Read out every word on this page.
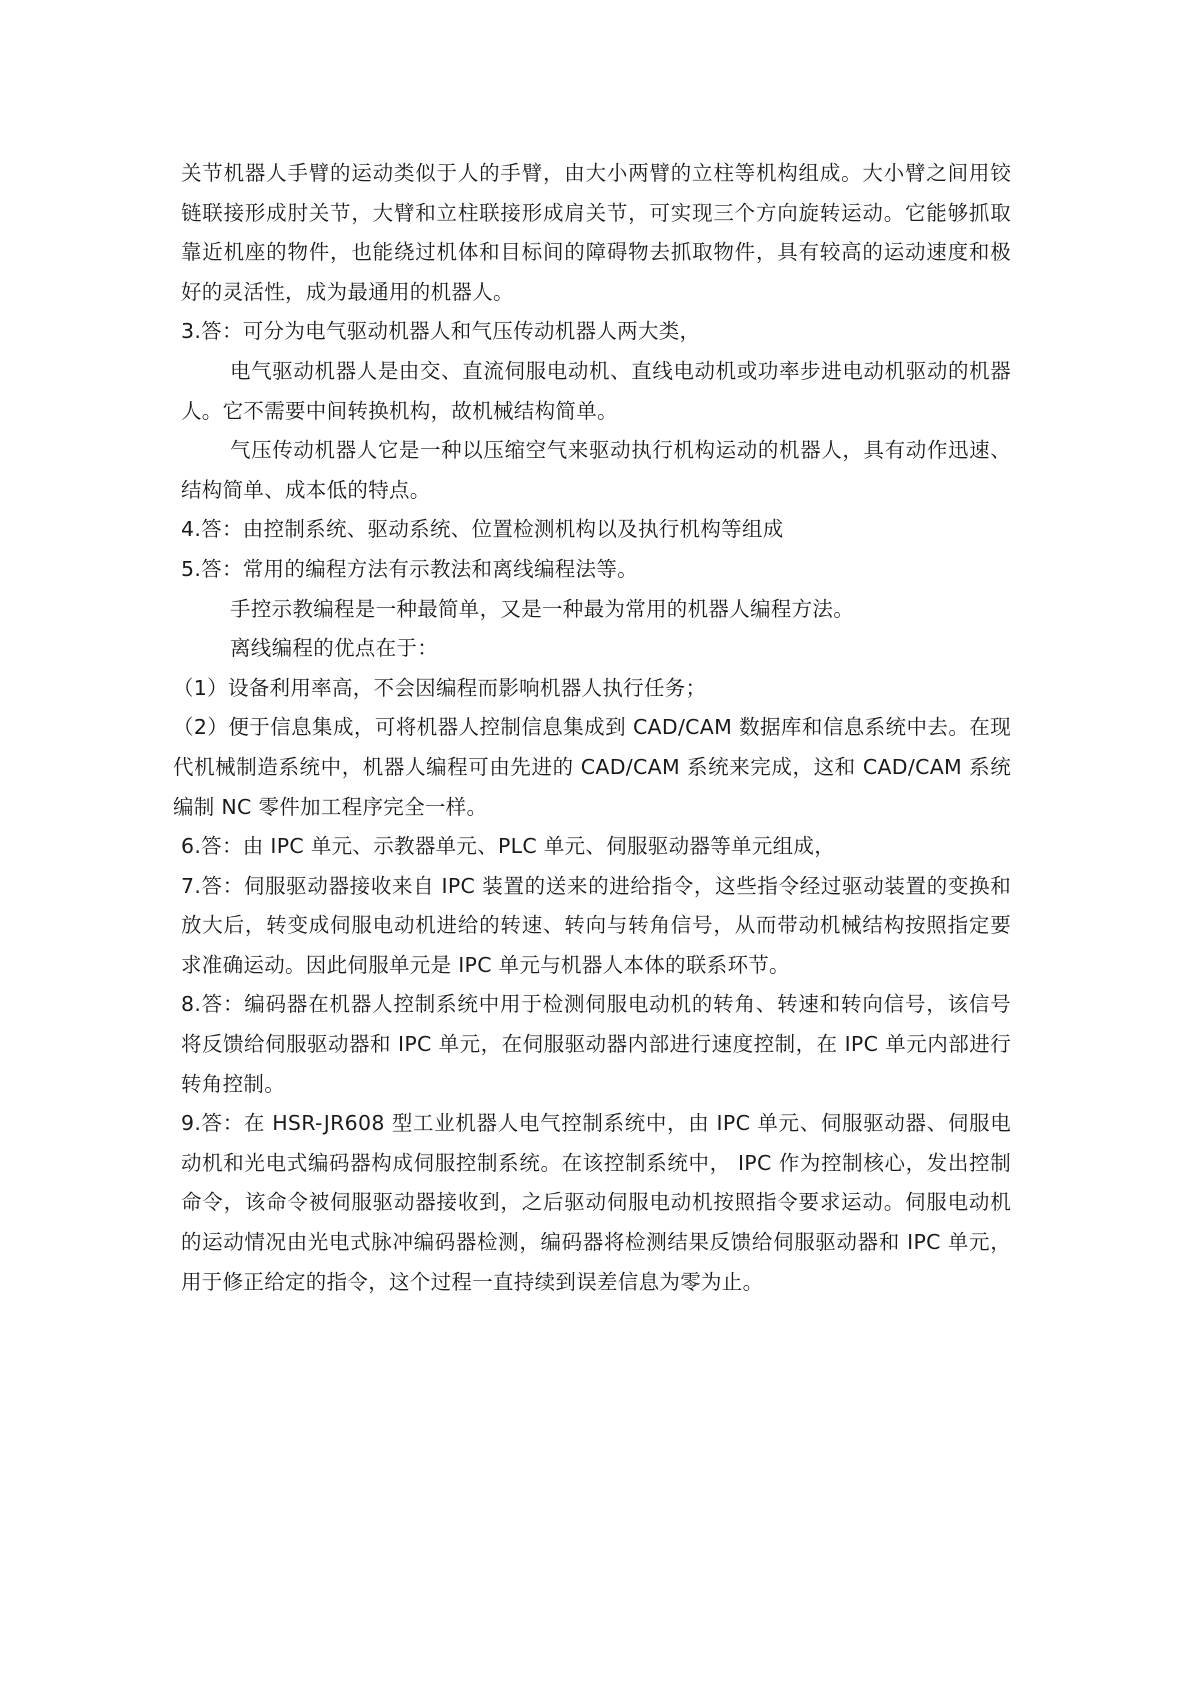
关节机器人手臂的运动类似于人的手臂，由大小两臂的立柱等机构组成。大小臂之间用铰链联接形成肘关节，大臂和立柱联接形成肩关节，可实现三个方向旋转运动。它能够抓取靠近机座的物件，也能绕过机体和目标间的障碍物去抓取物件，具有较高的运动速度和极好的灵活性，成为最通用的机器人。

3.答：可分为电气驱动机器人和气压传动机器人两大类，

电气驱动机器人是由交、直流伺服电动机、直线电动机或功率步进电动机驱动的机器人。它不需要中间转换机构，故机械结构简单。

气压传动机器人它是一种以压缩空气来驱动执行机构运动的机器人，具有动作迅速、结构简单、成本低的特点。

4.答：由控制系统、驱动系统、位置检测机构以及执行机构等组成

5.答：常用的编程方法有示教法和离线编程法等。

手控示教编程是一种最简单，又是一种最为常用的机器人编程方法。

离线编程的优点在于：

（1）设备利用率高，不会因编程而影响机器人执行任务；

（2）便于信息集成，可将机器人控制信息集成到 CAD/CAM 数据库和信息系统中去。在现代机械制造系统中，机器人编程可由先进的 CAD/CAM 系统来完成，这和 CAD/CAM 系统编制 NC 零件加工程序完全一样。

6.答：由 IPC 单元、示教器单元、PLC 单元、伺服驱动器等单元组成，

7.答：伺服驱动器接收来自 IPC 装置的送来的进给指令，这些指令经过驱动装置的变换和放大后，转变成伺服电动机进给的转速、转向与转角信号，从而带动机械结构按照指定要求准确运动。因此伺服单元是 IPC 单元与机器人本体的联系环节。

8.答：编码器在机器人控制系统中用于检测伺服电动机的转角、转速和转向信号，该信号将反馈给伺服驱动器和 IPC 单元，在伺服驱动器内部进行速度控制，在 IPC 单元内部进行转角控制。

9.答：在 HSR-JR608 型工业机器人电气控制系统中，由 IPC 单元、伺服驱动器、伺服电动机和光电式编码器构成伺服控制系统。在该控制系统中， IPC 作为控制核心，发出控制命令，该命令被伺服驱动器接收到，之后驱动伺服电动机按照指令要求运动。伺服电动机的运动情况由光电式脉冲编码器检测，编码器将检测结果反馈给伺服驱动器和 IPC 单元，用于修正给定的指令，这个过程一直持续到误差信息为零为止。
